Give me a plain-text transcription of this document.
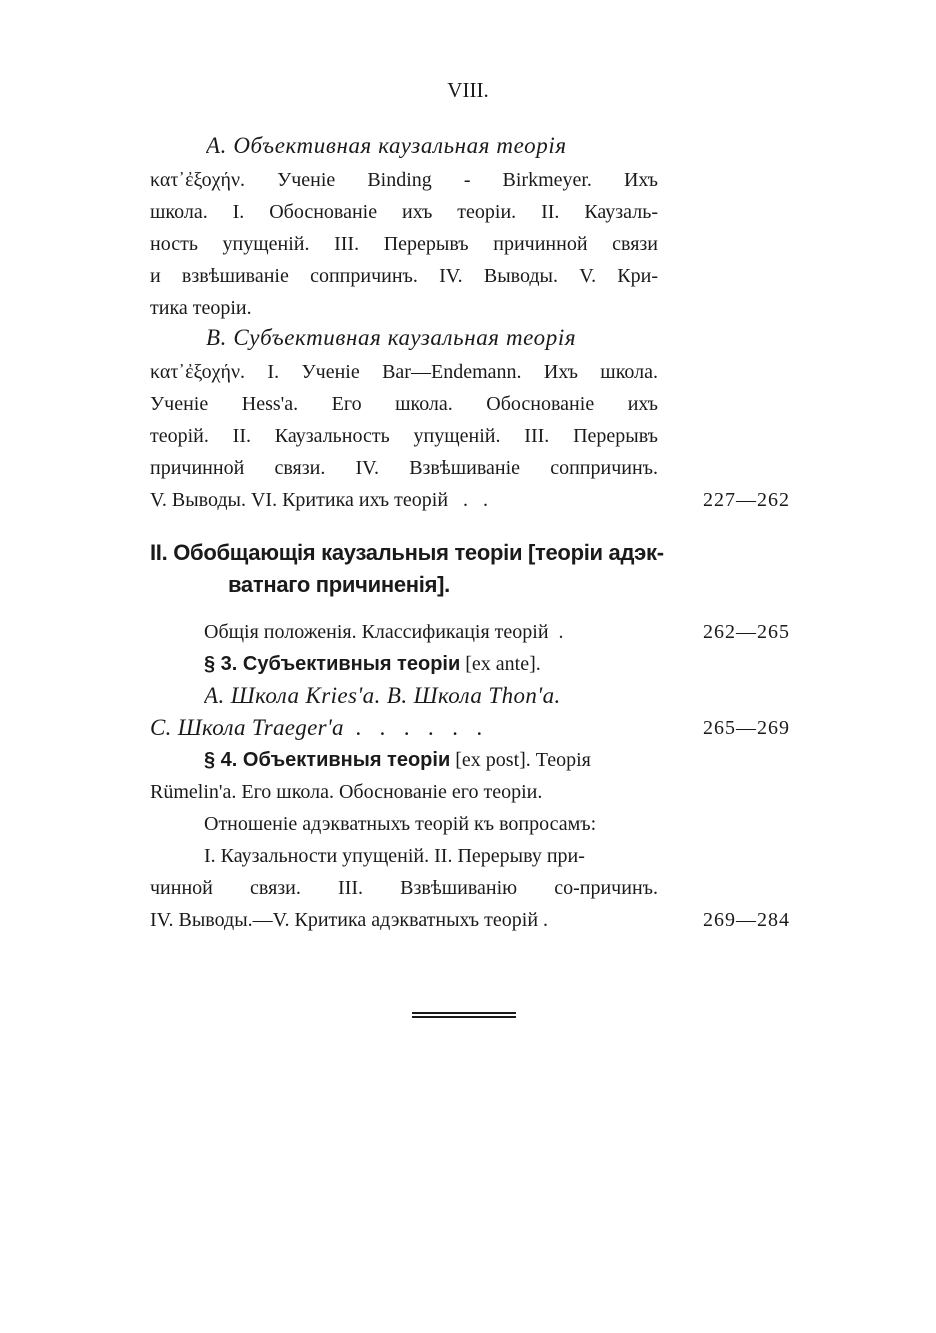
VIII.
А. Объективная каузальная теорія
κατ᾽ἐξοχήν. Ученіе Binding - Birkmeyer. Ихъ
школа. I. Обоснованіе ихъ теоріи. II. Каузаль-
ность упущеній. III. Перерывъ причинной связи
и взвѣшиваніе соппричинъ. IV. Выводы. V. Кри-
тика теоріи.
В. Субъективная каузальная теорія
κατ᾽ἐξοχήν. I. Ученіе Bar—Endemann. Ихъ школа.
Ученіе Hess'а. Его школа. Обоснованіе ихъ
теорій. II. Каузальность упущеній. III. Перерывъ
причинной связи. IV. Взвѣшиваніе соппричинъ.
V. Выводы. VI. Критика ихъ теорій   .   .	227—262
II. Обобщающія каузальныя теоріи [теоріи адэк-
ватнаго причиненія].
Общія положенія. Классификація теорій  .	262—265
§ 3. Субъективныя теоріи [ex ante].
А. Школа Kries'а. В. Школа Thon'а.
С. Школа Traeger'а  .   .   .   .   .   .	265—269
§ 4. Объективныя теоріи [ex post]. Теорія
Rümelin'а. Его школа. Обоснованіе его теоріи.
Отношеніе адэкватныхъ теорій къ вопросамъ:
I. Каузальности упущеній. II. Перерыву при-
чинной связи. III. Взвѣшиванію со-причинъ.
IV. Выводы.—V. Критика адэкватныхъ теорій .	269—284
